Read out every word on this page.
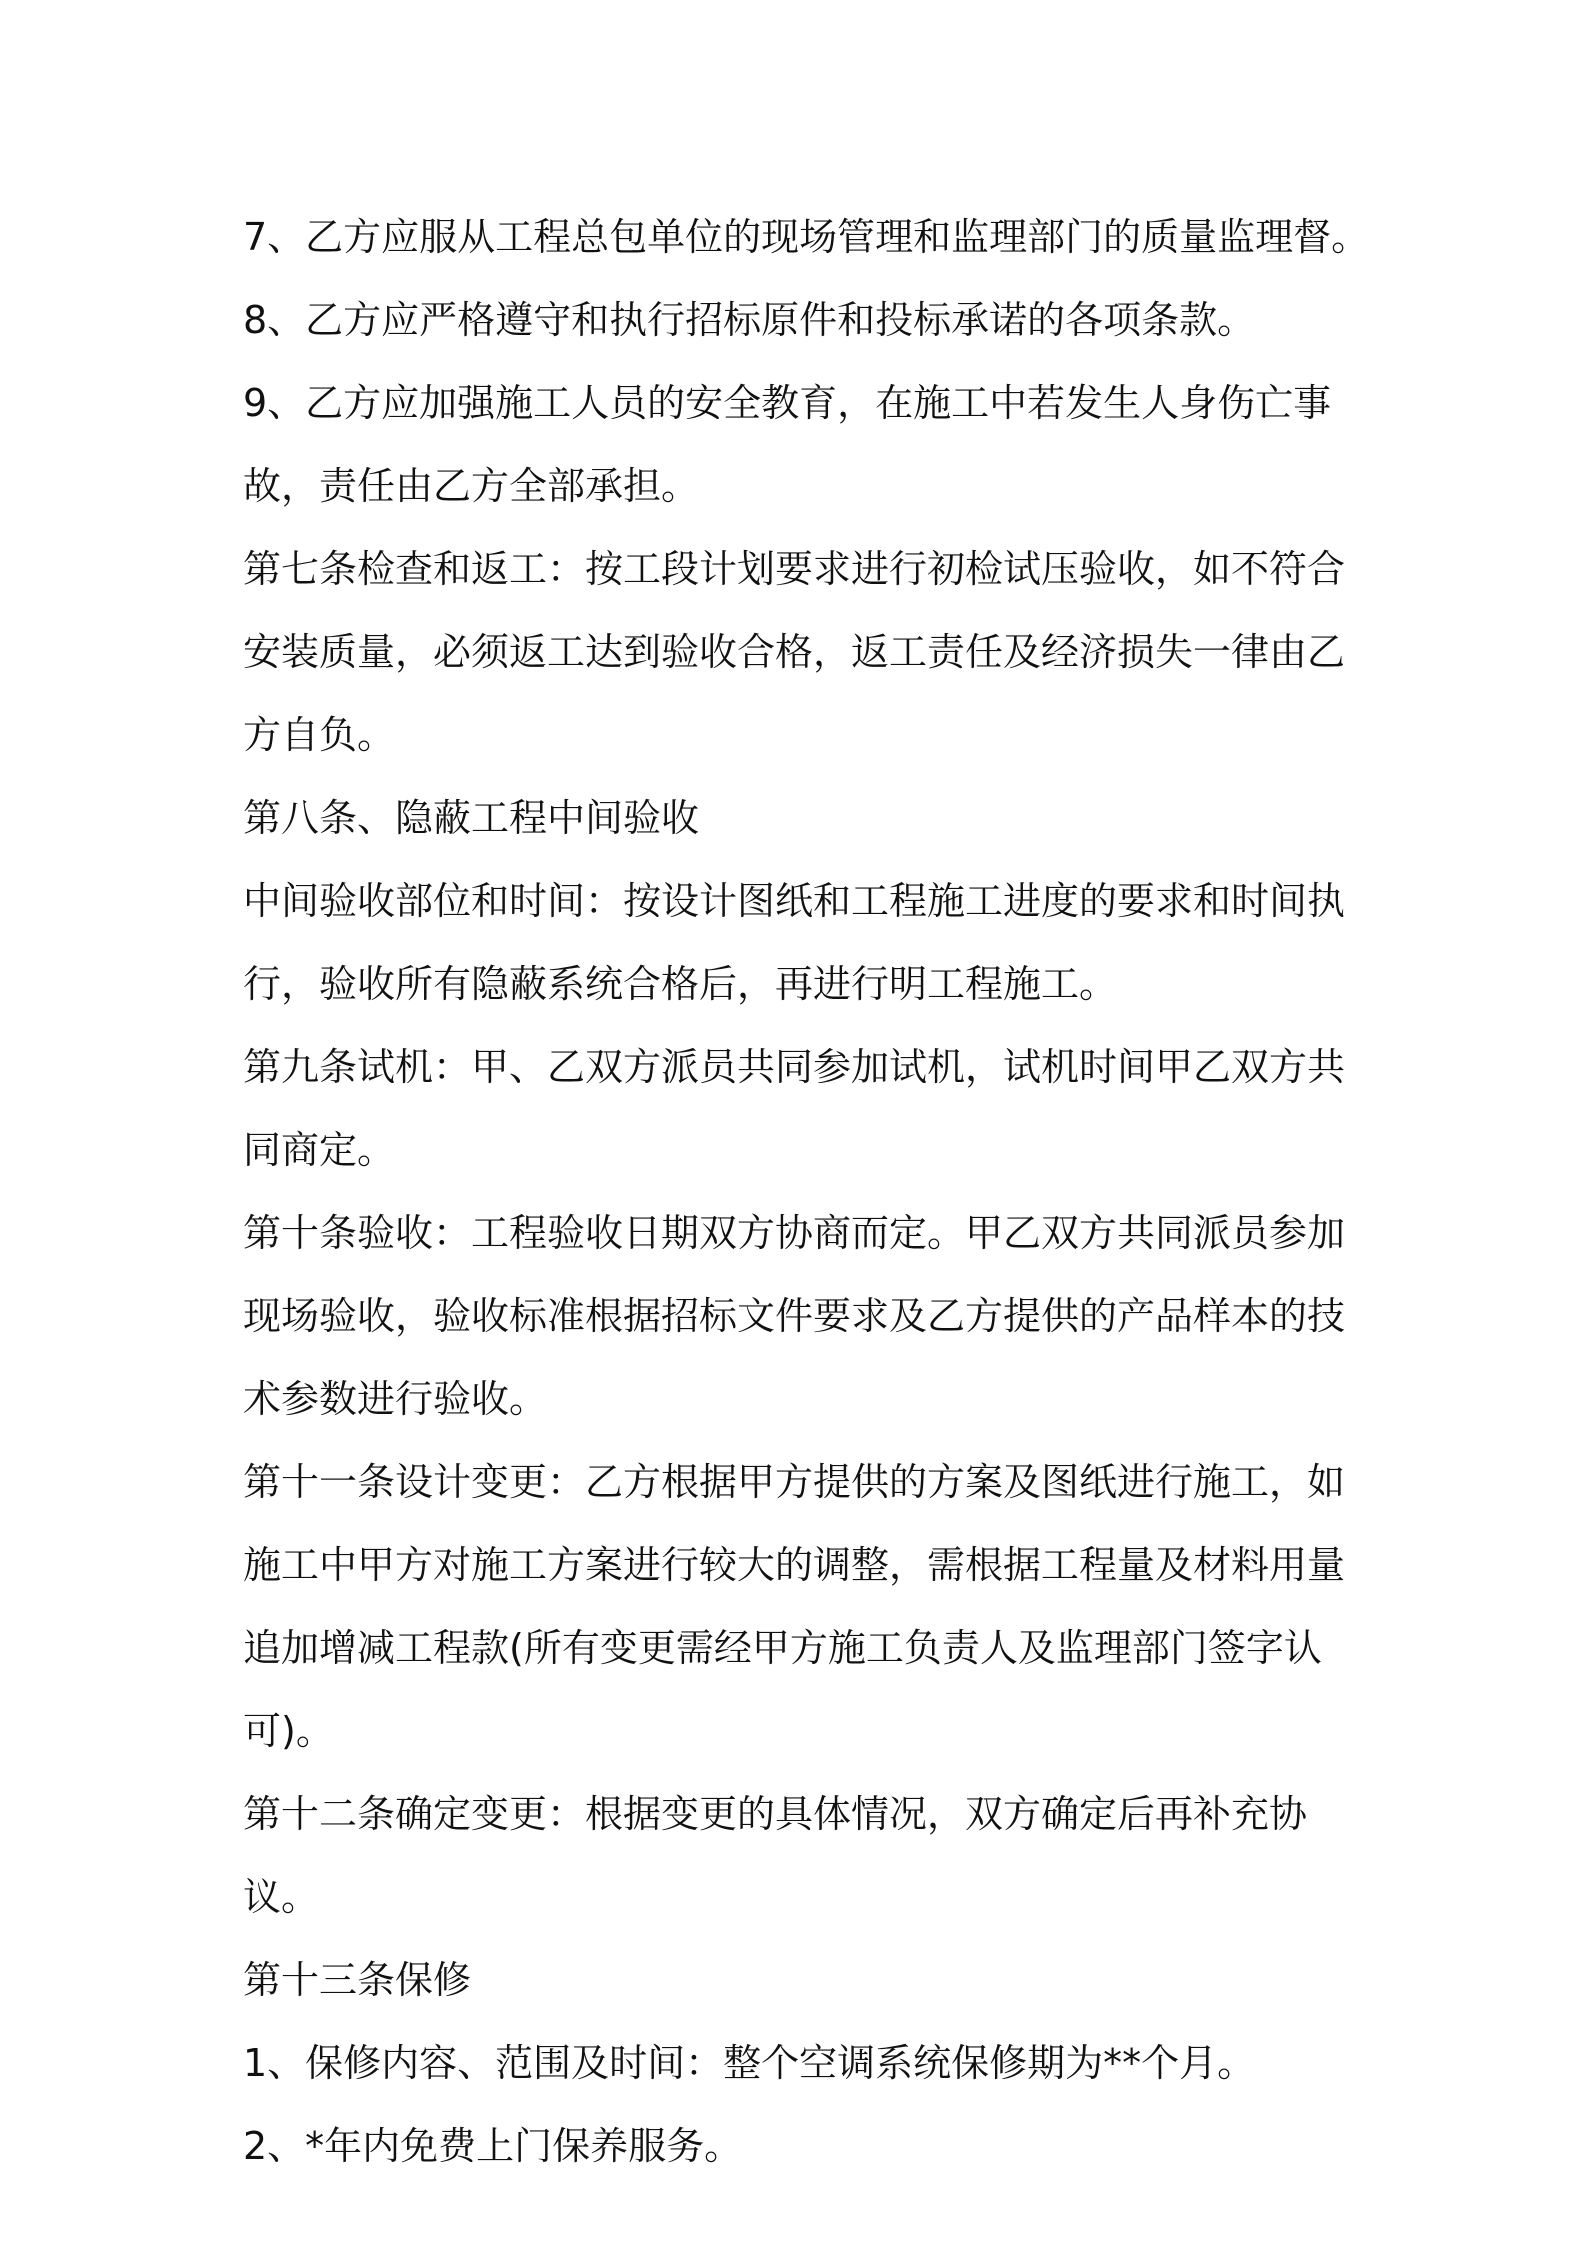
7、乙方应服从工程总包单位的现场管理和监理部门的质量监理督。

8、乙方应严格遵守和执行招标原件和投标承诺的各项条款。

9、乙方应加强施工人员的安全教育，在施工中若发生人身伤亡事故，责任由乙方全部承担。

第七条检查和返工：按工段计划要求进行初检试压验收，如不符合安装质量，必须返工达到验收合格，返工责任及经济损失一律由乙方自负。

第八条、隐蔽工程中间验收

中间验收部位和时间：按设计图纸和工程施工进度的要求和时间执行，验收所有隐蔽系统合格后，再进行明工程施工。

第九条试机：甲、乙双方派员共同参加试机，试机时间甲乙双方共同商定。

第十条验收：工程验收日期双方协商而定。甲乙双方共同派员参加现场验收，验收标准根据招标文件要求及乙方提供的产品样本的技术参数进行验收。

第十一条设计变更：乙方根据甲方提供的方案及图纸进行施工，如施工中甲方对施工方案进行较大的调整，需根据工程量及材料用量追加增减工程款(所有变更需经甲方施工负责人及监理部门签字认可)。

第十二条确定变更：根据变更的具体情况，双方确定后再补充协议。

第十三条保修

1、保修内容、范围及时间：整个空调系统保修期为**个月。

2、*年内免费上门保养服务。
